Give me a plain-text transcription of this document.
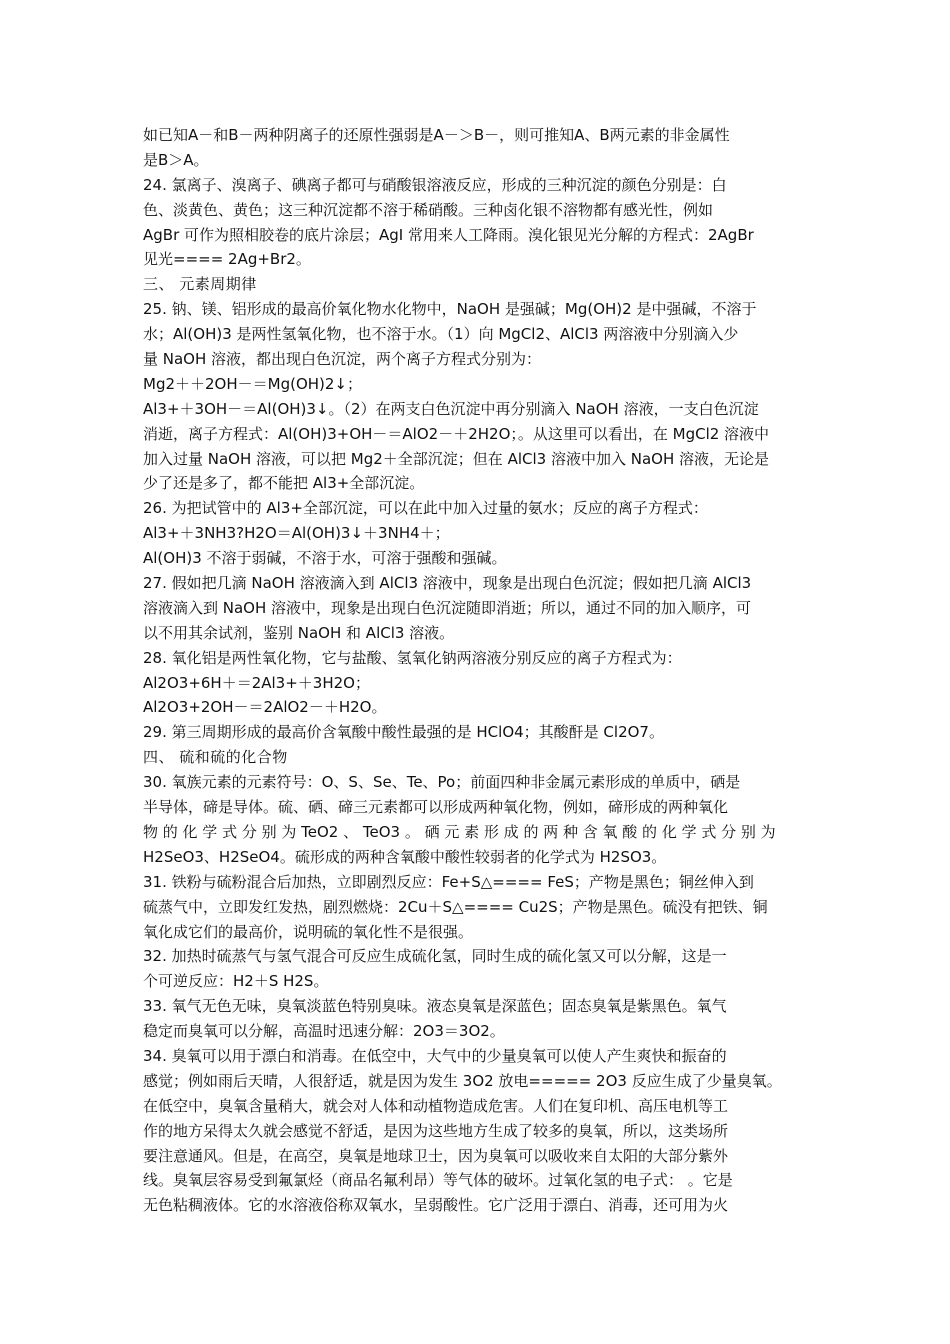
如已知A－和B－两种阴离子的还原性强弱是A－＞B－，则可推知A、B两元素的非金属性
是B＞A。
24. 氯离子、溴离子、碘离子都可与硝酸银溶液反应，形成的三种沉淀的颜色分别是：白
色、淡黄色、黄色；这三种沉淀都不溶于稀硝酸。三种卤化银不溶物都有感光性，例如
AgBr 可作为照相胶卷的底片涂层；AgI 常用来人工降雨。溴化银见光分解的方程式：2AgBr
见光==== 2Ag+Br2。
三、 元素周期律
25. 钠、镁、铝形成的最高价氧化物水化物中，NaOH 是强碱；Mg(OH)2 是中强碱，不溶于
水；Al(OH)3 是两性氢氧化物，也不溶于水。（1）向 MgCl2、AlCl3 两溶液中分别滴入少
量 NaOH 溶液，都出现白色沉淀，两个离子方程式分别为：
Mg2＋＋2OH－＝Mg(OH)2↓；
Al3+＋3OH－＝Al(OH)3↓。（2）在两支白色沉淀中再分别滴入 NaOH 溶液，一支白色沉淀
消逝，离子方程式：Al(OH)3+OH－＝AlO2－＋2H2O；。从这里可以看出，在 MgCl2 溶液中
加入过量 NaOH 溶液，可以把 Mg2＋全部沉淀；但在 AlCl3 溶液中加入 NaOH 溶液，无论是
少了还是多了，都不能把 Al3+全部沉淀。
26. 为把试管中的 Al3+全部沉淀，可以在此中加入过量的氨水；反应的离子方程式：
Al3+＋3NH3?H2O＝Al(OH)3↓＋3NH4＋；
Al(OH)3 不溶于弱碱，不溶于水，可溶于强酸和强碱。
27. 假如把几滴 NaOH 溶液滴入到 AlCl3 溶液中，现象是出现白色沉淀；假如把几滴 AlCl3
溶液滴入到 NaOH 溶液中，现象是出现白色沉淀随即消逝；所以，通过不同的加入顺序，可
以不用其余试剂，鉴别 NaOH 和 AlCl3 溶液。
28. 氧化铝是两性氧化物，它与盐酸、氢氧化钠两溶液分别反应的离子方程式为：
Al2O3+6H＋＝2Al3+＋3H2O；
Al2O3+2OH－＝2AlO2－＋H2O。
29. 第三周期形成的最高价含氧酸中酸性最强的是 HClO4；其酸酐是 Cl2O7。
四、 硫和硫的化合物
30. 氧族元素的元素符号：O、S、Se、Te、Po；前面四种非金属元素形成的单质中，硒是
半导体，碲是导体。硫、硒、碲三元素都可以形成两种氧化物，例如，碲形成的两种氧化
物 的 化 学 式 分 别 为 TeO2 、 TeO3 。 硒 元 素 形 成 的 两 种 含 氧 酸 的 化 学 式 分 别 为
H2SeO3、H2SeO4。硫形成的两种含氧酸中酸性较弱者的化学式为 H2SO3。
31. 铁粉与硫粉混合后加热，立即剧烈反应：Fe+S△==== FeS；产物是黑色；铜丝伸入到
硫蒸气中，立即发红发热，剧烈燃烧：2Cu＋S△==== Cu2S；产物是黑色。硫没有把铁、铜
氧化成它们的最高价，说明硫的氧化性不是很强。
32. 加热时硫蒸气与氢气混合可反应生成硫化氢，同时生成的硫化氢又可以分解，这是一
个可逆反应：H2＋S H2S。
33. 氧气无色无味，臭氧淡蓝色特别臭味。液态臭氧是深蓝色；固态臭氧是紫黑色。氧气
稳定而臭氧可以分解，高温时迅速分解：2O3＝3O2。
34. 臭氧可以用于漂白和消毒。在低空中，大气中的少量臭氧可以使人产生爽快和振奋的
感觉；例如雨后天晴，人很舒适，就是因为发生 3O2 放电===== 2O3 反应生成了少量臭氧。
在低空中，臭氧含量稍大，就会对人体和动植物造成危害。人们在复印机、高压电机等工
作的地方呆得太久就会感觉不舒适，是因为这些地方生成了较多的臭氧，所以，这类场所
要注意通风。但是，在高空，臭氧是地球卫士，因为臭氧可以吸收来自太阳的大部分紫外
线。臭氧层容易受到氟氯烃（商品名氟利昂）等气体的破坏。过氧化氢的电子式： 。它是
无色粘稠液体。它的水溶液俗称双氧水，呈弱酸性。它广泛用于漂白、消毒，还可用为火
